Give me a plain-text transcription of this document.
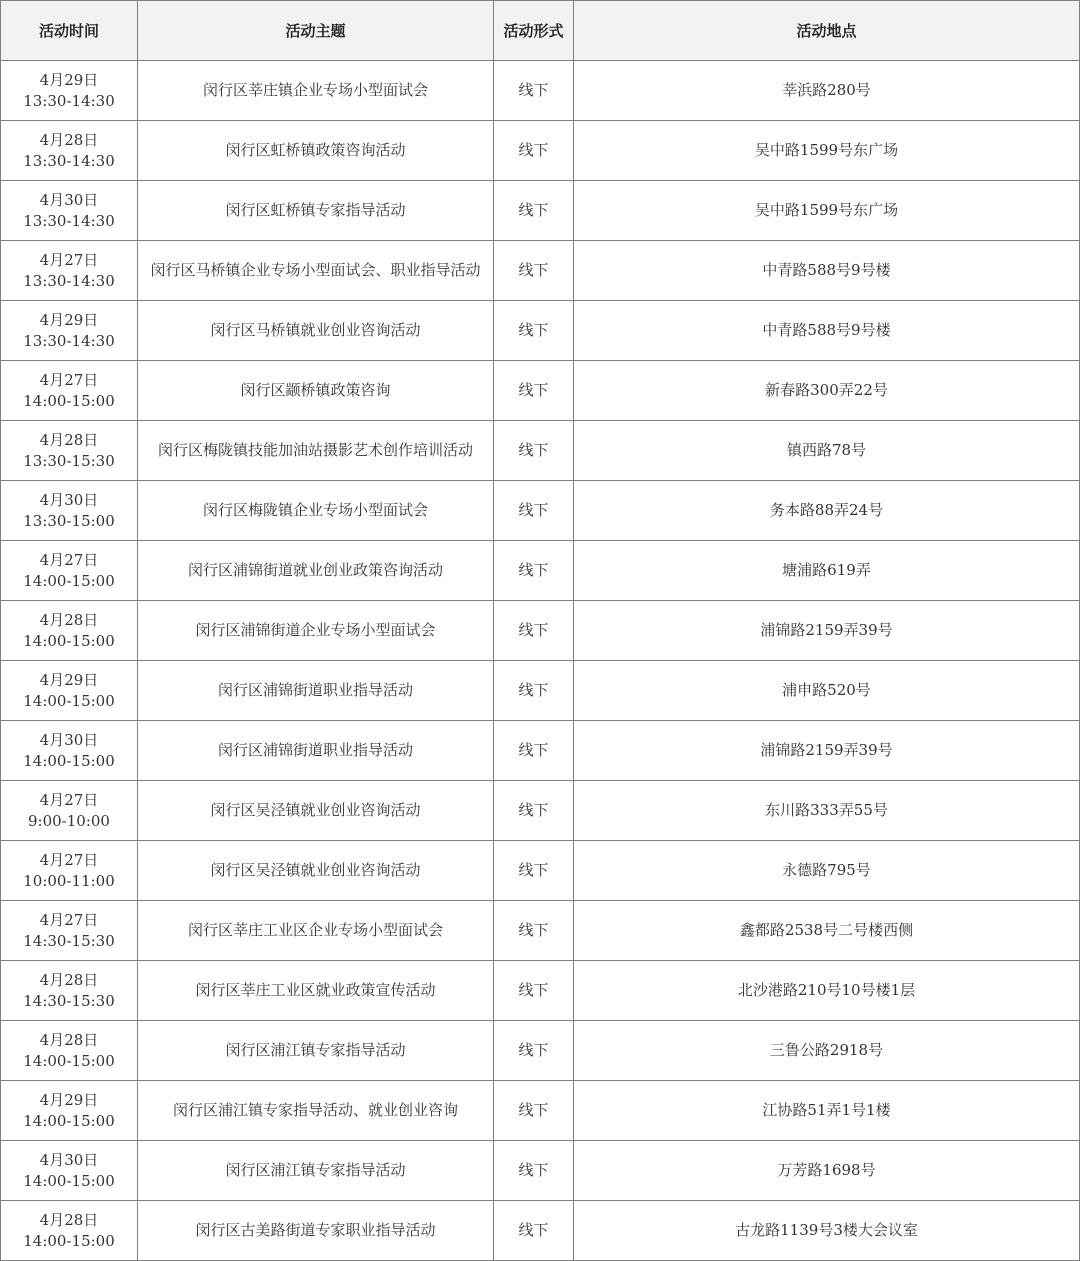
活动时间	活动主题	活动形式	活动地点

4月29日
13:30-14:30	闵行区莘庄镇企业专场小型面试会	线下	莘浜路280号

4月28日
13:30-14:30	闵行区虹桥镇政策咨询活动	线下	吴中路1599号东广场

4月30日
13:30-14:30	闵行区虹桥镇专家指导活动	线下	吴中路1599号东广场

4月27日
13:30-14:30	闵行区马桥镇企业专场小型面试会、职业指导活动	线下	中青路588号9号楼

4月29日
13:30-14:30	闵行区马桥镇就业创业咨询活动	线下	中青路588号9号楼

4月27日
14:00-15:00	闵行区颛桥镇政策咨询	线下	新春路300弄22号

4月28日
13:30-15:30	闵行区梅陇镇技能加油站摄影艺术创作培训活动	线下	镇西路78号

4月30日
13:30-15:00	闵行区梅陇镇企业专场小型面试会	线下	务本路88弄24号

4月27日
14:00-15:00	闵行区浦锦街道就业创业政策咨询活动	线下	塘浦路619弄

4月28日
14:00-15:00	闵行区浦锦街道企业专场小型面试会	线下	浦锦路2159弄39号

4月29日
14:00-15:00	闵行区浦锦街道职业指导活动	线下	浦申路520号

4月30日
14:00-15:00	闵行区浦锦街道职业指导活动	线下	浦锦路2159弄39号

4月27日
9:00-10:00	闵行区吴泾镇就业创业咨询活动	线下	东川路333弄55号

4月27日
10:00-11:00	闵行区吴泾镇就业创业咨询活动	线下	永德路795号

4月27日
14:30-15:30	闵行区莘庄工业区企业专场小型面试会	线下	鑫都路2538号二号楼西侧

4月28日
14:30-15:30	闵行区莘庄工业区就业政策宣传活动	线下	北沙港路210号10号楼1层

4月28日
14:00-15:00	闵行区浦江镇专家指导活动	线下	三鲁公路2918号

4月29日
14:00-15:00	闵行区浦江镇专家指导活动、就业创业咨询	线下	江协路51弄1号1楼

4月30日
14:00-15:00	闵行区浦江镇专家指导活动	线下	万芳路1698号

4月28日
14:00-15:00	闵行区古美路街道专家职业指导活动	线下	古龙路1139号3楼大会议室
